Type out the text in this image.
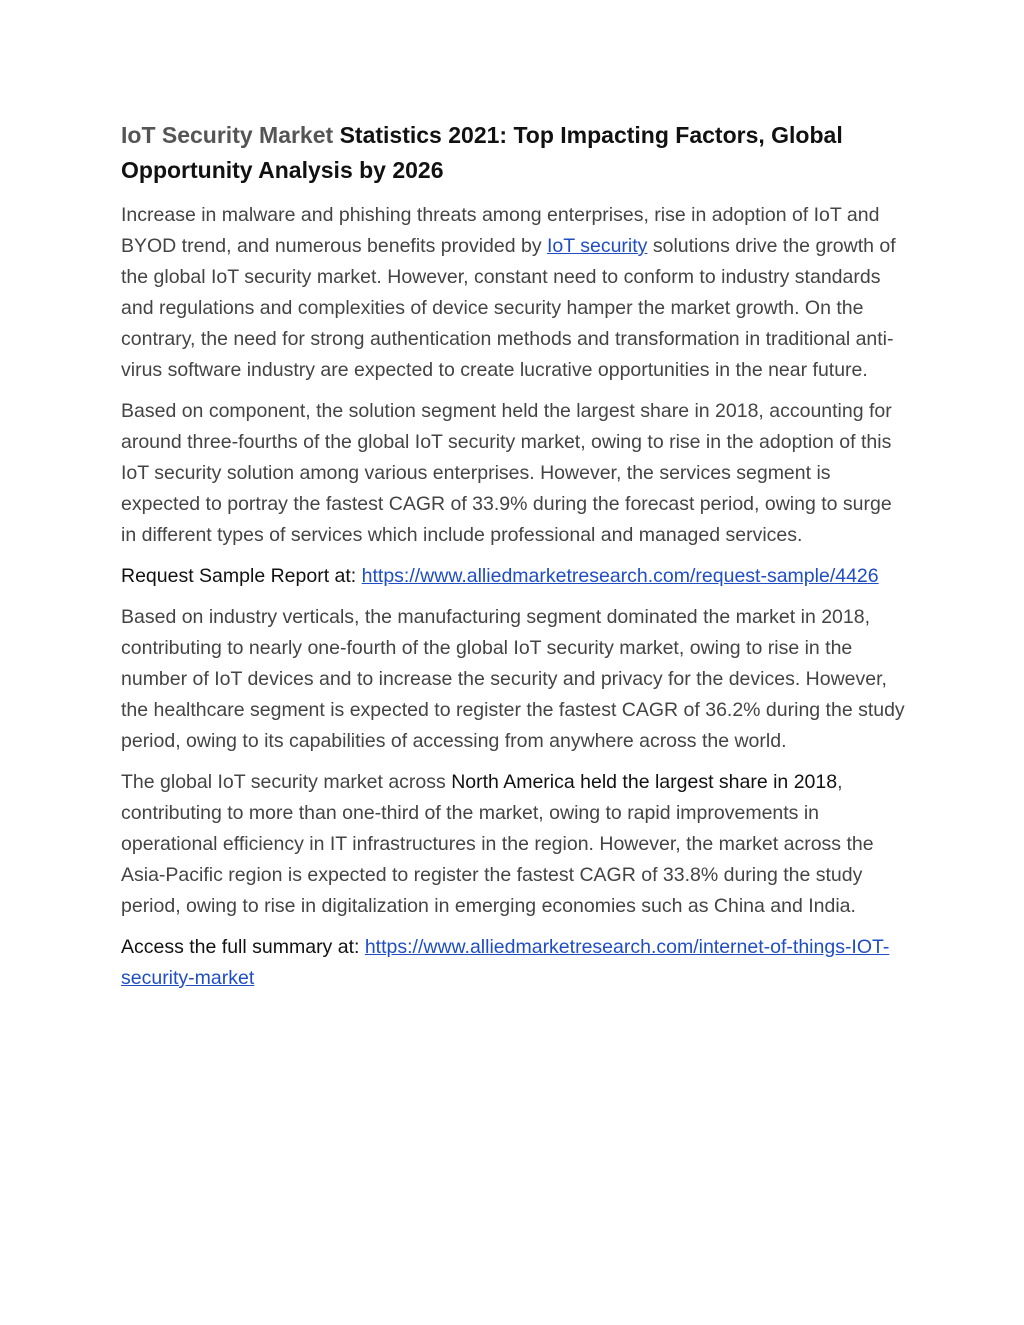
IoT Security Market Statistics 2021: Top Impacting Factors, Global Opportunity Analysis by 2026

Increase in malware and phishing threats among enterprises, rise in adoption of IoT and BYOD trend, and numerous benefits provided by IoT security solutions drive the growth of the global IoT security market. However, constant need to conform to industry standards and regulations and complexities of device security hamper the market growth. On the contrary, the need for strong authentication methods and transformation in traditional anti-virus software industry are expected to create lucrative opportunities in the near future.

Based on component, the solution segment held the largest share in 2018, accounting for around three-fourths of the global IoT security market, owing to rise in the adoption of this IoT security solution among various enterprises. However, the services segment is expected to portray the fastest CAGR of 33.9% during the forecast period, owing to surge in different types of services which include professional and managed services.

Request Sample Report at: https://www.alliedmarketresearch.com/request-sample/4426

Based on industry verticals, the manufacturing segment dominated the market in 2018, contributing to nearly one-fourth of the global IoT security market, owing to rise in the number of IoT devices and to increase the security and privacy for the devices. However, the healthcare segment is expected to register the fastest CAGR of 36.2% during the study period, owing to its capabilities of accessing from anywhere across the world.

The global IoT security market across North America held the largest share in 2018, contributing to more than one-third of the market, owing to rapid improvements in operational efficiency in IT infrastructures in the region. However, the market across the Asia-Pacific region is expected to register the fastest CAGR of 33.8% during the study period, owing to rise in digitalization in emerging economies such as China and India.

Access the full summary at: https://www.alliedmarketresearch.com/internet-of-things-IOT-security-market
